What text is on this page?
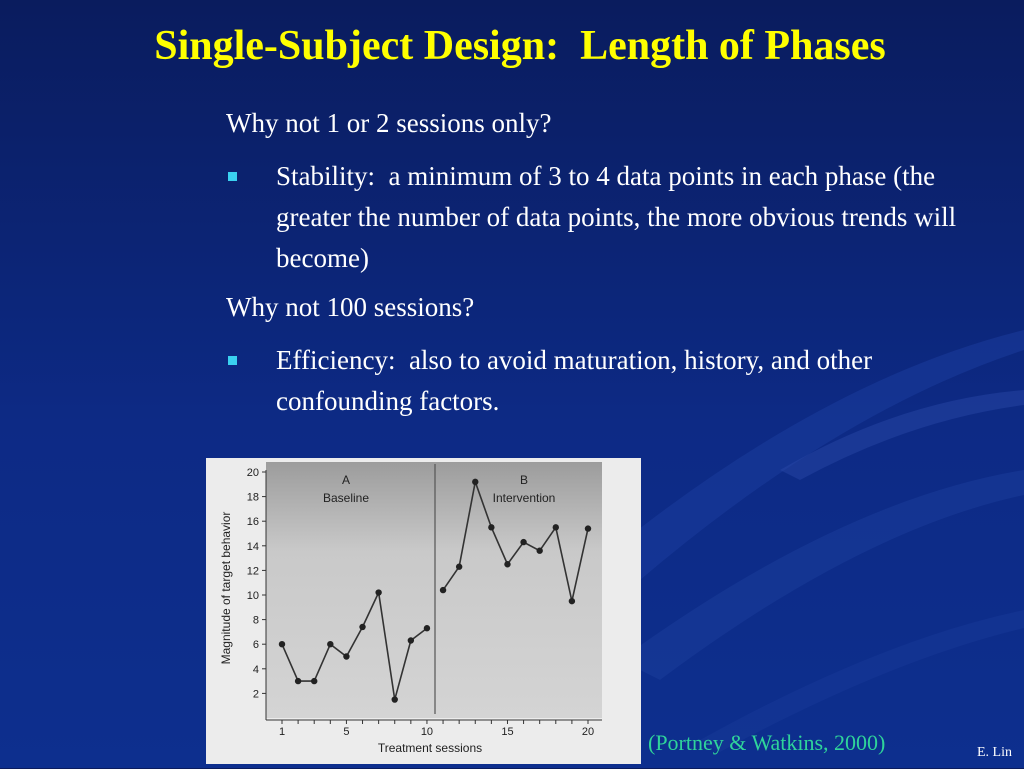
Single-Subject Design:  Length of Phases
Why not 1 or 2 sessions only?
Stability:  a minimum of 3 to 4 data points in each phase (the greater the number of data points, the more obvious trends will become)
Why not 100 sessions?
Efficiency:  also to avoid maturation, history, and other confounding factors.
2
4
6
8
10
12
14
16
18
20
1	5	10	15	20
A
Baseline
B
Intervention
Treatment sessions
Magnitude of target behavior
(Portney & Watkins, 2000)	E. Lin
